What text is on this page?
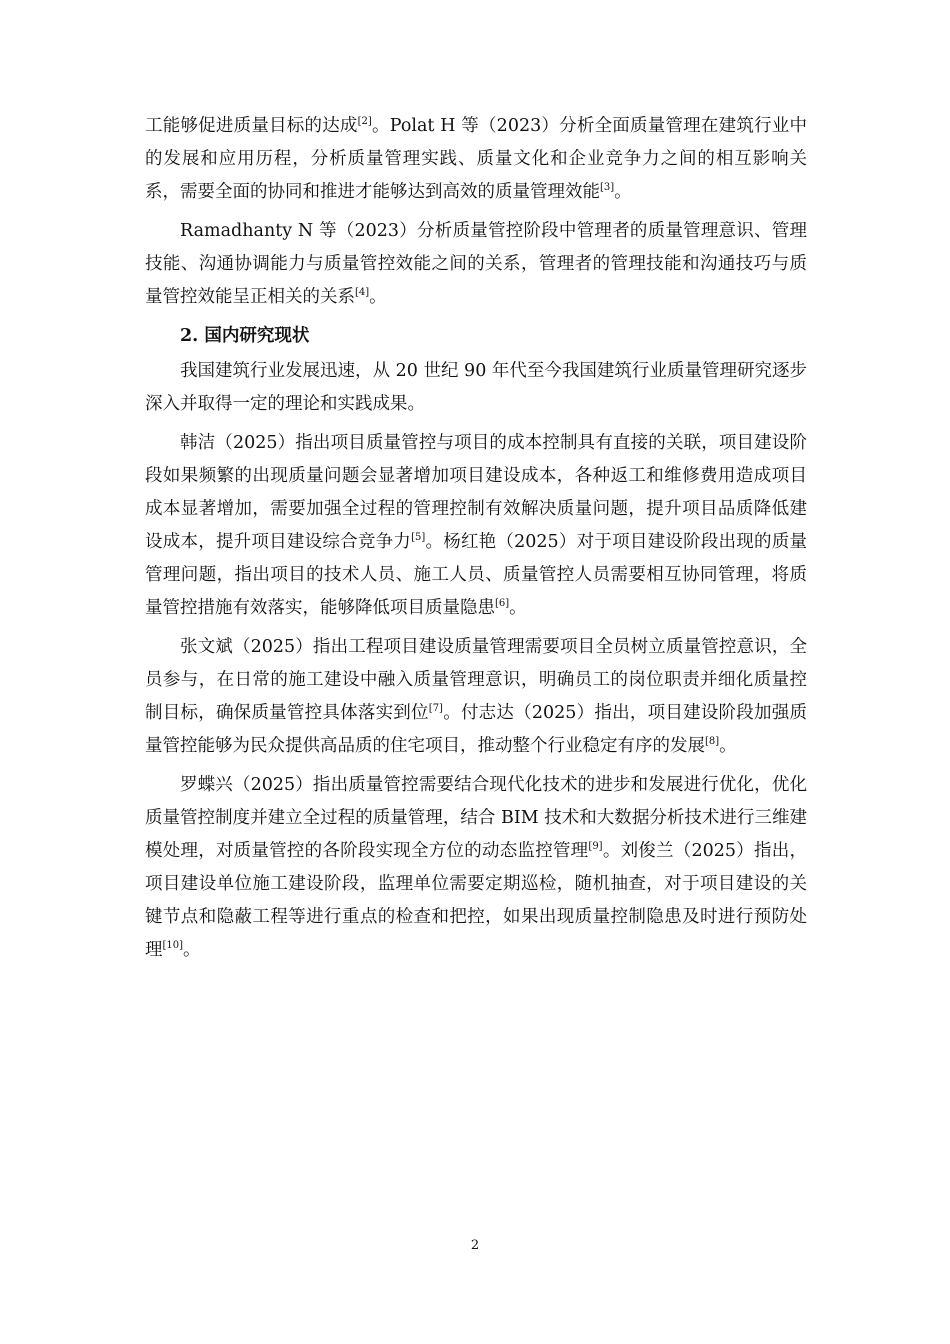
工能够促进质量目标的达成[2]。Polat H 等（2023）分析全面质量管理在建筑行业中的发展和应用历程，分析质量管理实践、质量文化和企业竞争力之间的相互影响关系，需要全面的协同和推进才能够达到高效的质量管理效能[3]。

Ramadhanty N 等（2023）分析质量管控阶段中管理者的质量管理意识、管理技能、沟通协调能力与质量管控效能之间的关系，管理者的管理技能和沟通技巧与质量管控效能呈正相关的关系[4]。

2. 国内研究现状

我国建筑行业发展迅速，从 20 世纪 90 年代至今我国建筑行业质量管理研究逐步深入并取得一定的理论和实践成果。

韩洁（2025）指出项目质量管控与项目的成本控制具有直接的关联，项目建设阶段如果频繁的出现质量问题会显著增加项目建设成本，各种返工和维修费用造成项目成本显著增加，需要加强全过程的管理控制有效解决质量问题，提升项目品质降低建设成本，提升项目建设综合竞争力[5]。杨红艳（2025）对于项目建设阶段出现的质量管理问题，指出项目的技术人员、施工人员、质量管控人员需要相互协同管理，将质量管控措施有效落实，能够降低项目质量隐患[6]。

张文斌（2025）指出工程项目建设质量管理需要项目全员树立质量管控意识，全员参与，在日常的施工建设中融入质量管理意识，明确员工的岗位职责并细化质量控制目标，确保质量管控具体落实到位[7]。付志达（2025）指出，项目建设阶段加强质量管控能够为民众提供高品质的住宅项目，推动整个行业稳定有序的发展[8]。

罗蝶兴（2025）指出质量管控需要结合现代化技术的进步和发展进行优化，优化质量管控制度并建立全过程的质量管理，结合 BIM 技术和大数据分析技术进行三维建模处理，对质量管控的各阶段实现全方位的动态监控管理[9]。刘俊兰（2025）指出，项目建设单位施工建设阶段，监理单位需要定期巡检，随机抽查，对于项目建设的关键节点和隐蔽工程等进行重点的检查和把控，如果出现质量控制隐患及时进行预防处理[10]。

2
